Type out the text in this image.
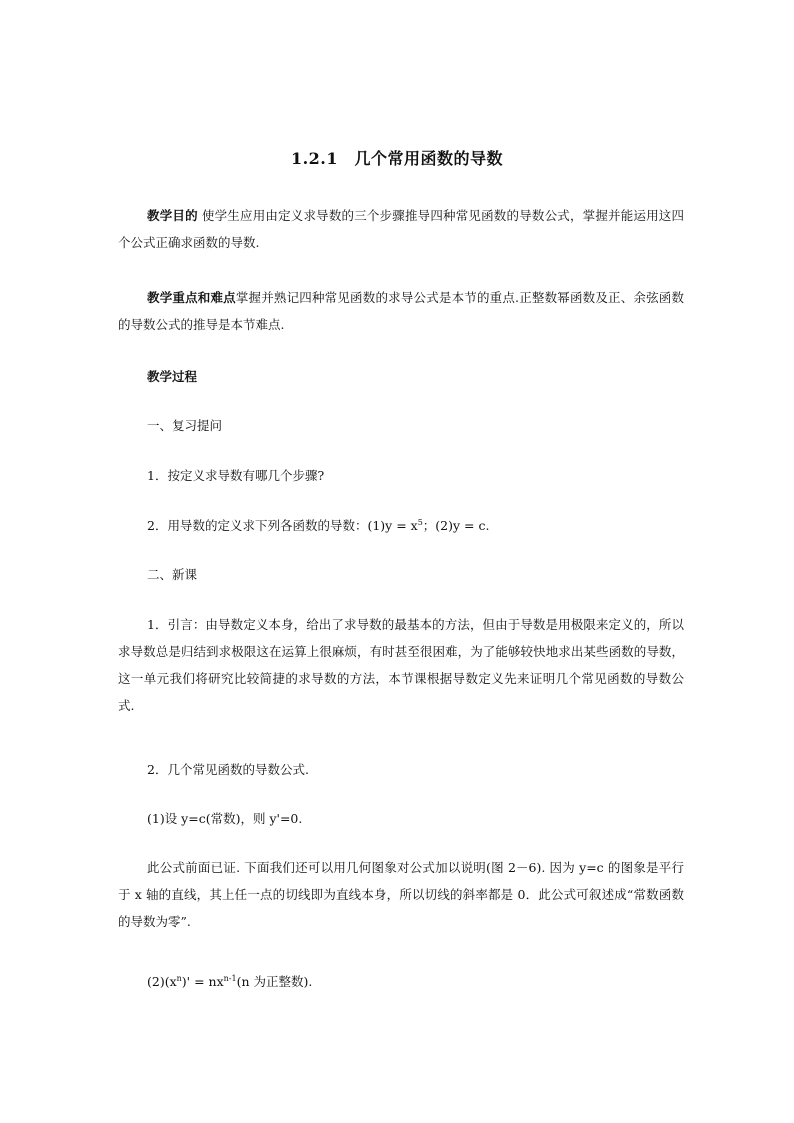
1.2.1　几个常用函数的导数
教学目的 使学生应用由定义求导数的三个步骤推导四种常见函数的导数公式，掌握并能运用这四个公式正确求函数的导数.
教学重点和难点掌握并熟记四种常见函数的求导公式是本节的重点.正整数幂函数及正、余弦函数的导数公式的推导是本节难点.
教学过程
一、复习提问
1．按定义求导数有哪几个步骤?
2．用导数的定义求下列各函数的导数：$(1)y = x^5$；(2)y = c.
二、新课
1．引言：由导数定义本身，给出了求导数的最基本的方法，但由于导数是用极限来定义的，所以求导数总是归结到求极限这在运算上很麻烦，有时甚至很困难，为了能够较快地求出某些函数的导数，这一单元我们将研究比较简捷的求导数的方法，本节课根据导数定义先来证明几个常见函数的导数公式.
2．几个常见函数的导数公式.
(1)设 y=c(常数)，则 y'=0.
此公式前面已证. 下面我们还可以用几何图象对公式加以说明(图 2－6). 因为 y=c 的图象是平行于 x 轴的直线，其上任一点的切线即为直线本身，所以切线的斜率都是 0．此公式可叙述成“常数函数的导数为零”.
$(2)(x^n)' = nx^{n-1}(n$ 为正整数).
